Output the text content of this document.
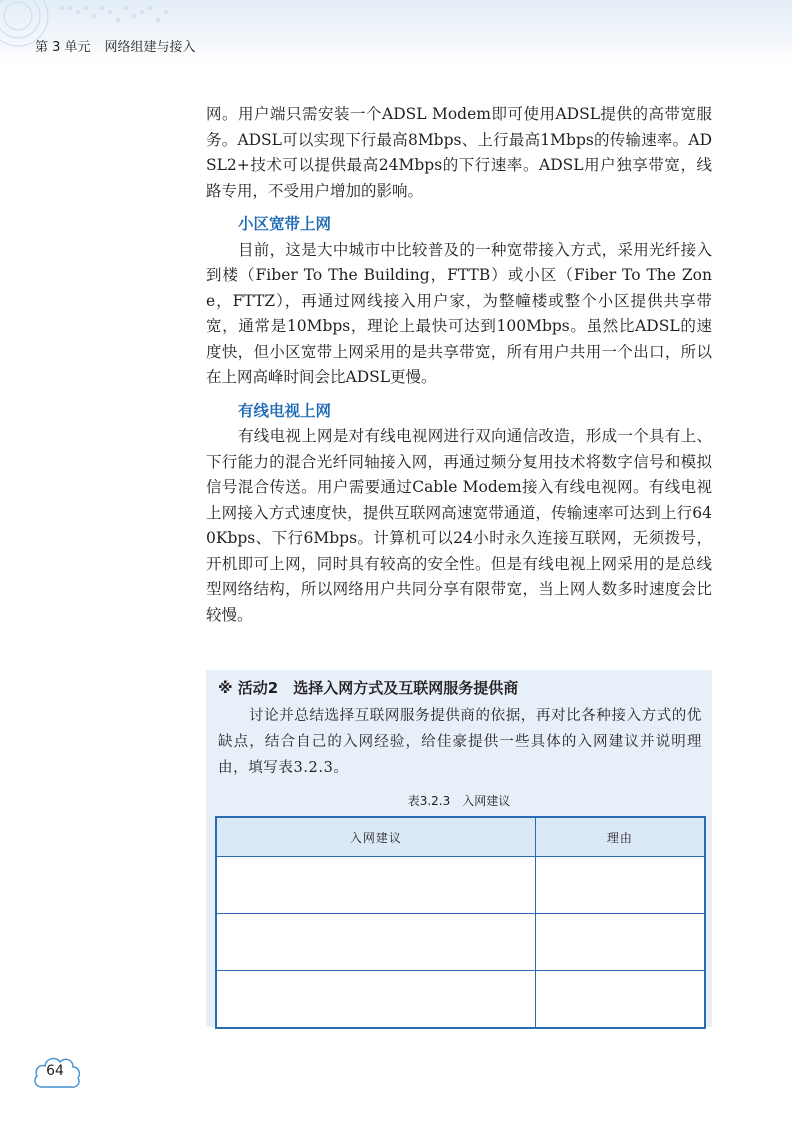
第 3 单元 网络组建与接入

网。用户端只需安装一个ADSL Modem即可使用ADSL提供的高带宽服务。ADSL可以实现下行最高8Mbps、上行最高1Mbps的传输速率。ADSL2+技术可以提供最高24Mbps的下行速率。ADSL用户独享带宽，线路专用，不受用户增加的影响。

小区宽带上网

目前，这是大中城市中比较普及的一种宽带接入方式，采用光纤接入到楼（Fiber To The Building，FTTB）或小区（Fiber To The Zone，FTTZ），再通过网线接入用户家，为整幢楼或整个小区提供共享带宽，通常是10Mbps，理论上最快可达到100Mbps。虽然比ADSL的速度快，但小区宽带上网采用的是共享带宽，所有用户共用一个出口，所以在上网高峰时间会比ADSL更慢。

有线电视上网

有线电视上网是对有线电视网进行双向通信改造，形成一个具有上、下行能力的混合光纤同轴接入网，再通过频分复用技术将数字信号和模拟信号混合传送。用户需要通过Cable Modem接入有线电视网。有线电视上网接入方式速度快，提供互联网高速宽带通道，传输速率可达到上行640Kbps、下行6Mbps。计算机可以24小时永久连接互联网，无须拨号，开机即可上网，同时具有较高的安全性。但是有线电视上网采用的是总线型网络结构，所以网络用户共同分享有限带宽，当上网人数多时速度会比较慢。

※ 活动2　选择入网方式及互联网服务提供商
讨论并总结选择互联网服务提供商的依据，再对比各种接入方式的优缺点，结合自己的入网经验，给佳豪提供一些具体的入网建议并说明理由，填写表3.2.3。
表3.2.3　入网建议
入网建议	理由

64
